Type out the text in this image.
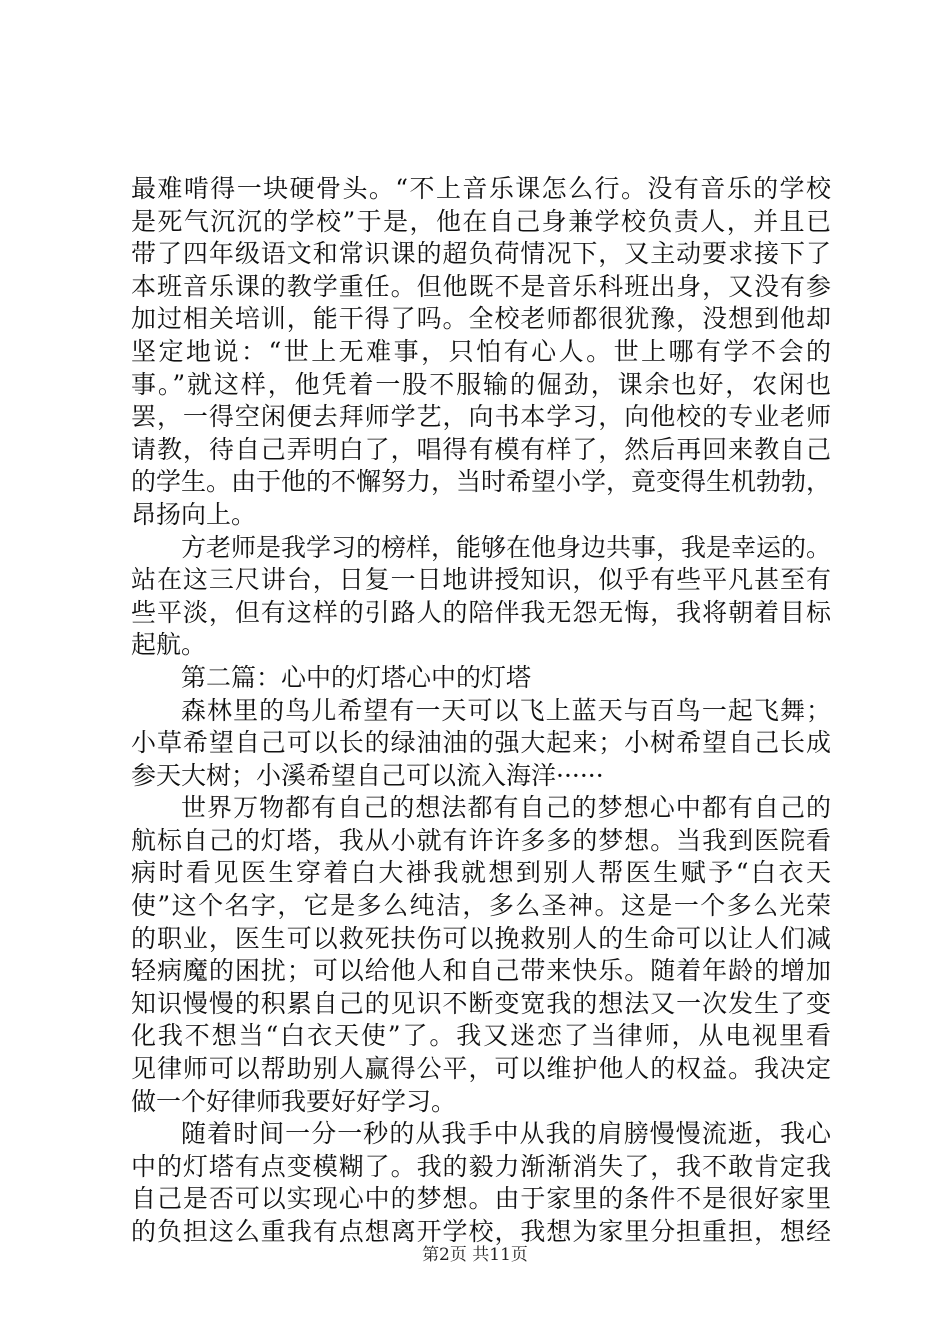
最难啃得一块硬骨头。“不上音乐课怎么行。没有音乐的学校
是死气沉沉的学校”于是，他在自己身兼学校负责人，并且已
带了四年级语文和常识课的超负荷情况下，又主动要求接下了
本班音乐课的教学重任。但他既不是音乐科班出身，又没有参
加过相关培训，能干得了吗。全校老师都很犹豫，没想到他却
坚定地说：“世上无难事，只怕有心人。世上哪有学不会的
事。”就这样，他凭着一股不服输的倔劲，课余也好，农闲也
罢，一得空闲便去拜师学艺，向书本学习，向他校的专业老师
请教，待自己弄明白了，唱得有模有样了，然后再回来教自己
的学生。由于他的不懈努力，当时希望小学，竟变得生机勃勃，
昂扬向上。
方老师是我学习的榜样，能够在他身边共事，我是幸运的。
站在这三尺讲台，日复一日地讲授知识，似乎有些平凡甚至有
些平淡，但有这样的引路人的陪伴我无怨无悔，我将朝着目标
起航。
第二篇：心中的灯塔心中的灯塔
森林里的鸟儿希望有一天可以飞上蓝天与百鸟一起飞舞；
小草希望自己可以长的绿油油的强大起来；小树希望自己长成
参天大树；小溪希望自己可以流入海洋······
世界万物都有自己的想法都有自己的梦想心中都有自己的
航标自己的灯塔，我从小就有许许多多的梦想。当我到医院看
病时看见医生穿着白大褂我就想到别人帮医生赋予“白衣天
使”这个名字，它是多么纯洁，多么圣神。这是一个多么光荣
的职业，医生可以救死扶伤可以挽救别人的生命可以让人们减
轻病魔的困扰；可以给他人和自己带来快乐。随着年龄的增加
知识慢慢的积累自己的见识不断变宽我的想法又一次发生了变
化我不想当“白衣天使”了。我又迷恋了当律师，从电视里看
见律师可以帮助别人赢得公平，可以维护他人的权益。我决定
做一个好律师我要好好学习。
随着时间一分一秒的从我手中从我的肩膀慢慢流逝，我心
中的灯塔有点变模糊了。我的毅力渐渐消失了，我不敢肯定我
自己是否可以实现心中的梦想。由于家里的条件不是很好家里
的负担这么重我有点想离开学校，我想为家里分担重担，想经
第2页 共11页
